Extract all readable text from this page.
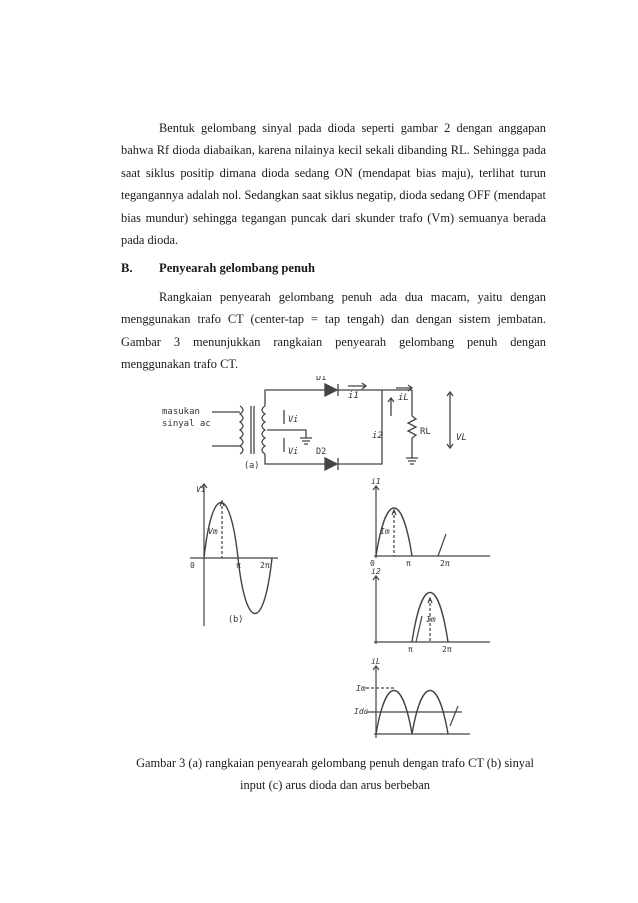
Bentuk gelombang sinyal pada dioda seperti gambar 2 dengan anggapan bahwa Rf dioda diabaikan, karena nilainya kecil sekali dibanding RL. Sehingga pada saat siklus positip dimana dioda sedang ON (mendapat bias maju), terlihat turun tegangannya adalah nol. Sedangkan saat siklus negatip, dioda sedang OFF (mendapat bias mundur) sehingga tegangan puncak dari skunder trafo (Vm) semuanya berada pada dioda.

B. Penyearah gelombang penuh

Rangkaian penyearah gelombang penuh ada dua macam, yaitu dengan menggunakan trafo CT (center-tap = tap tengah) dan dengan sistem jembatan. Gambar 3 menunjukkan rangkaian penyearah gelombang penuh dengan menggunakan trafo CT.

masukan
sinyal ac
D1
D2
i1
i2
iL
RL
VL
Vi
Vi
(a)
Vi
Vm
0	π 2π
(b)
i1
Im
0	π	2π
i2
Im
π	2π
iL
Im
Idc
Gambar 3 (a) rangkaian penyearah gelombang penuh dengan trafo CT (b) sinyal
input (c) arus dioda dan arus berbeban
